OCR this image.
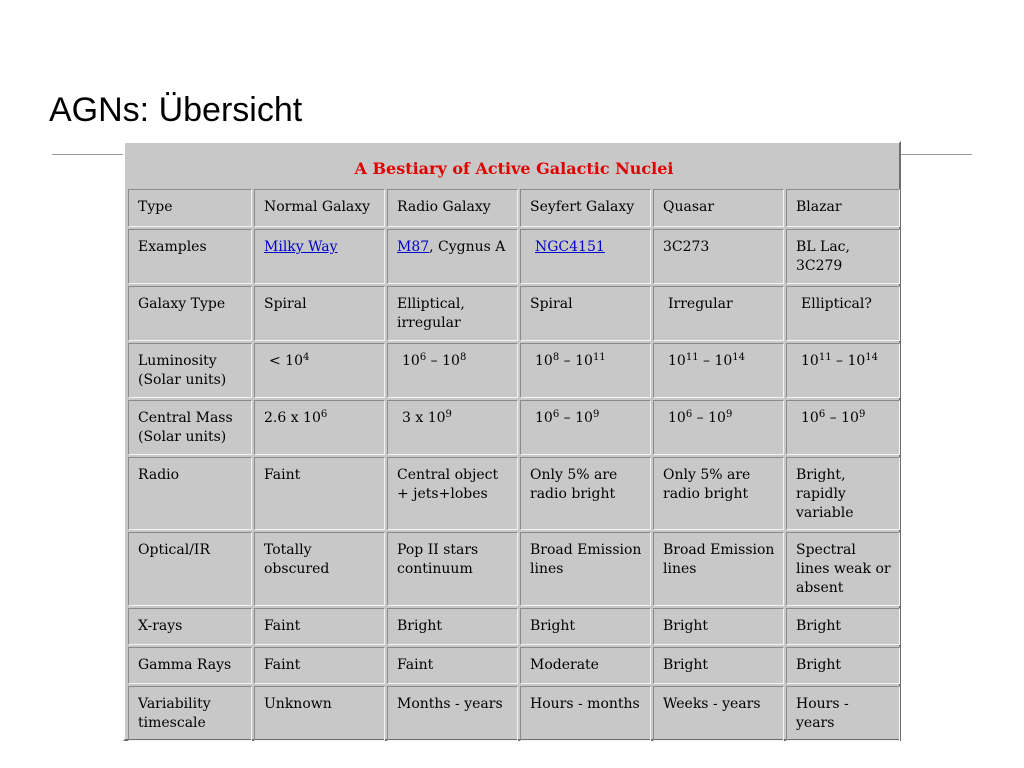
AGNs: Übersicht
A Bestiary of Active Galactic Nuclei					
Type	Normal Galaxy	Radio Galaxy	Seyfert Galaxy	Quasar	Blazar
Examples	Milky Way	M87, Cygnus A	NGC4151	3C273	BL Lac, 3C279
Galaxy Type	Spiral	Elliptical, irregular	Spiral	Irregular	Elliptical?
Luminosity (Solar units)	< $10^4$	$10^6 - 10^8$	$10^8 - 10^{11}$	$10^{11} - 10^{14}$	$10^{11} - 10^{14}$
Central Mass (Solar units)	2.6 x $10^6$	3 x $10^9$	$10^6 - 10^9$	$10^6 - 10^9$	$10^6 - 10^9$
Radio	Faint	Central object + jets+lobes	Only 5% are radio bright	Only 5% are radio bright	Bright, rapidly variable
Optical/IR	Totally obscured	Pop II stars continuum	Broad Emission lines	Broad Emission lines	Spectral lines weak or absent
X-rays	Faint	Bright	Bright	Bright	Bright
Gamma Rays	Faint	Faint	Moderate	Bright	Bright
Variability timescale	Unknown	Months - years	Hours - months	Weeks - years	Hours - years
